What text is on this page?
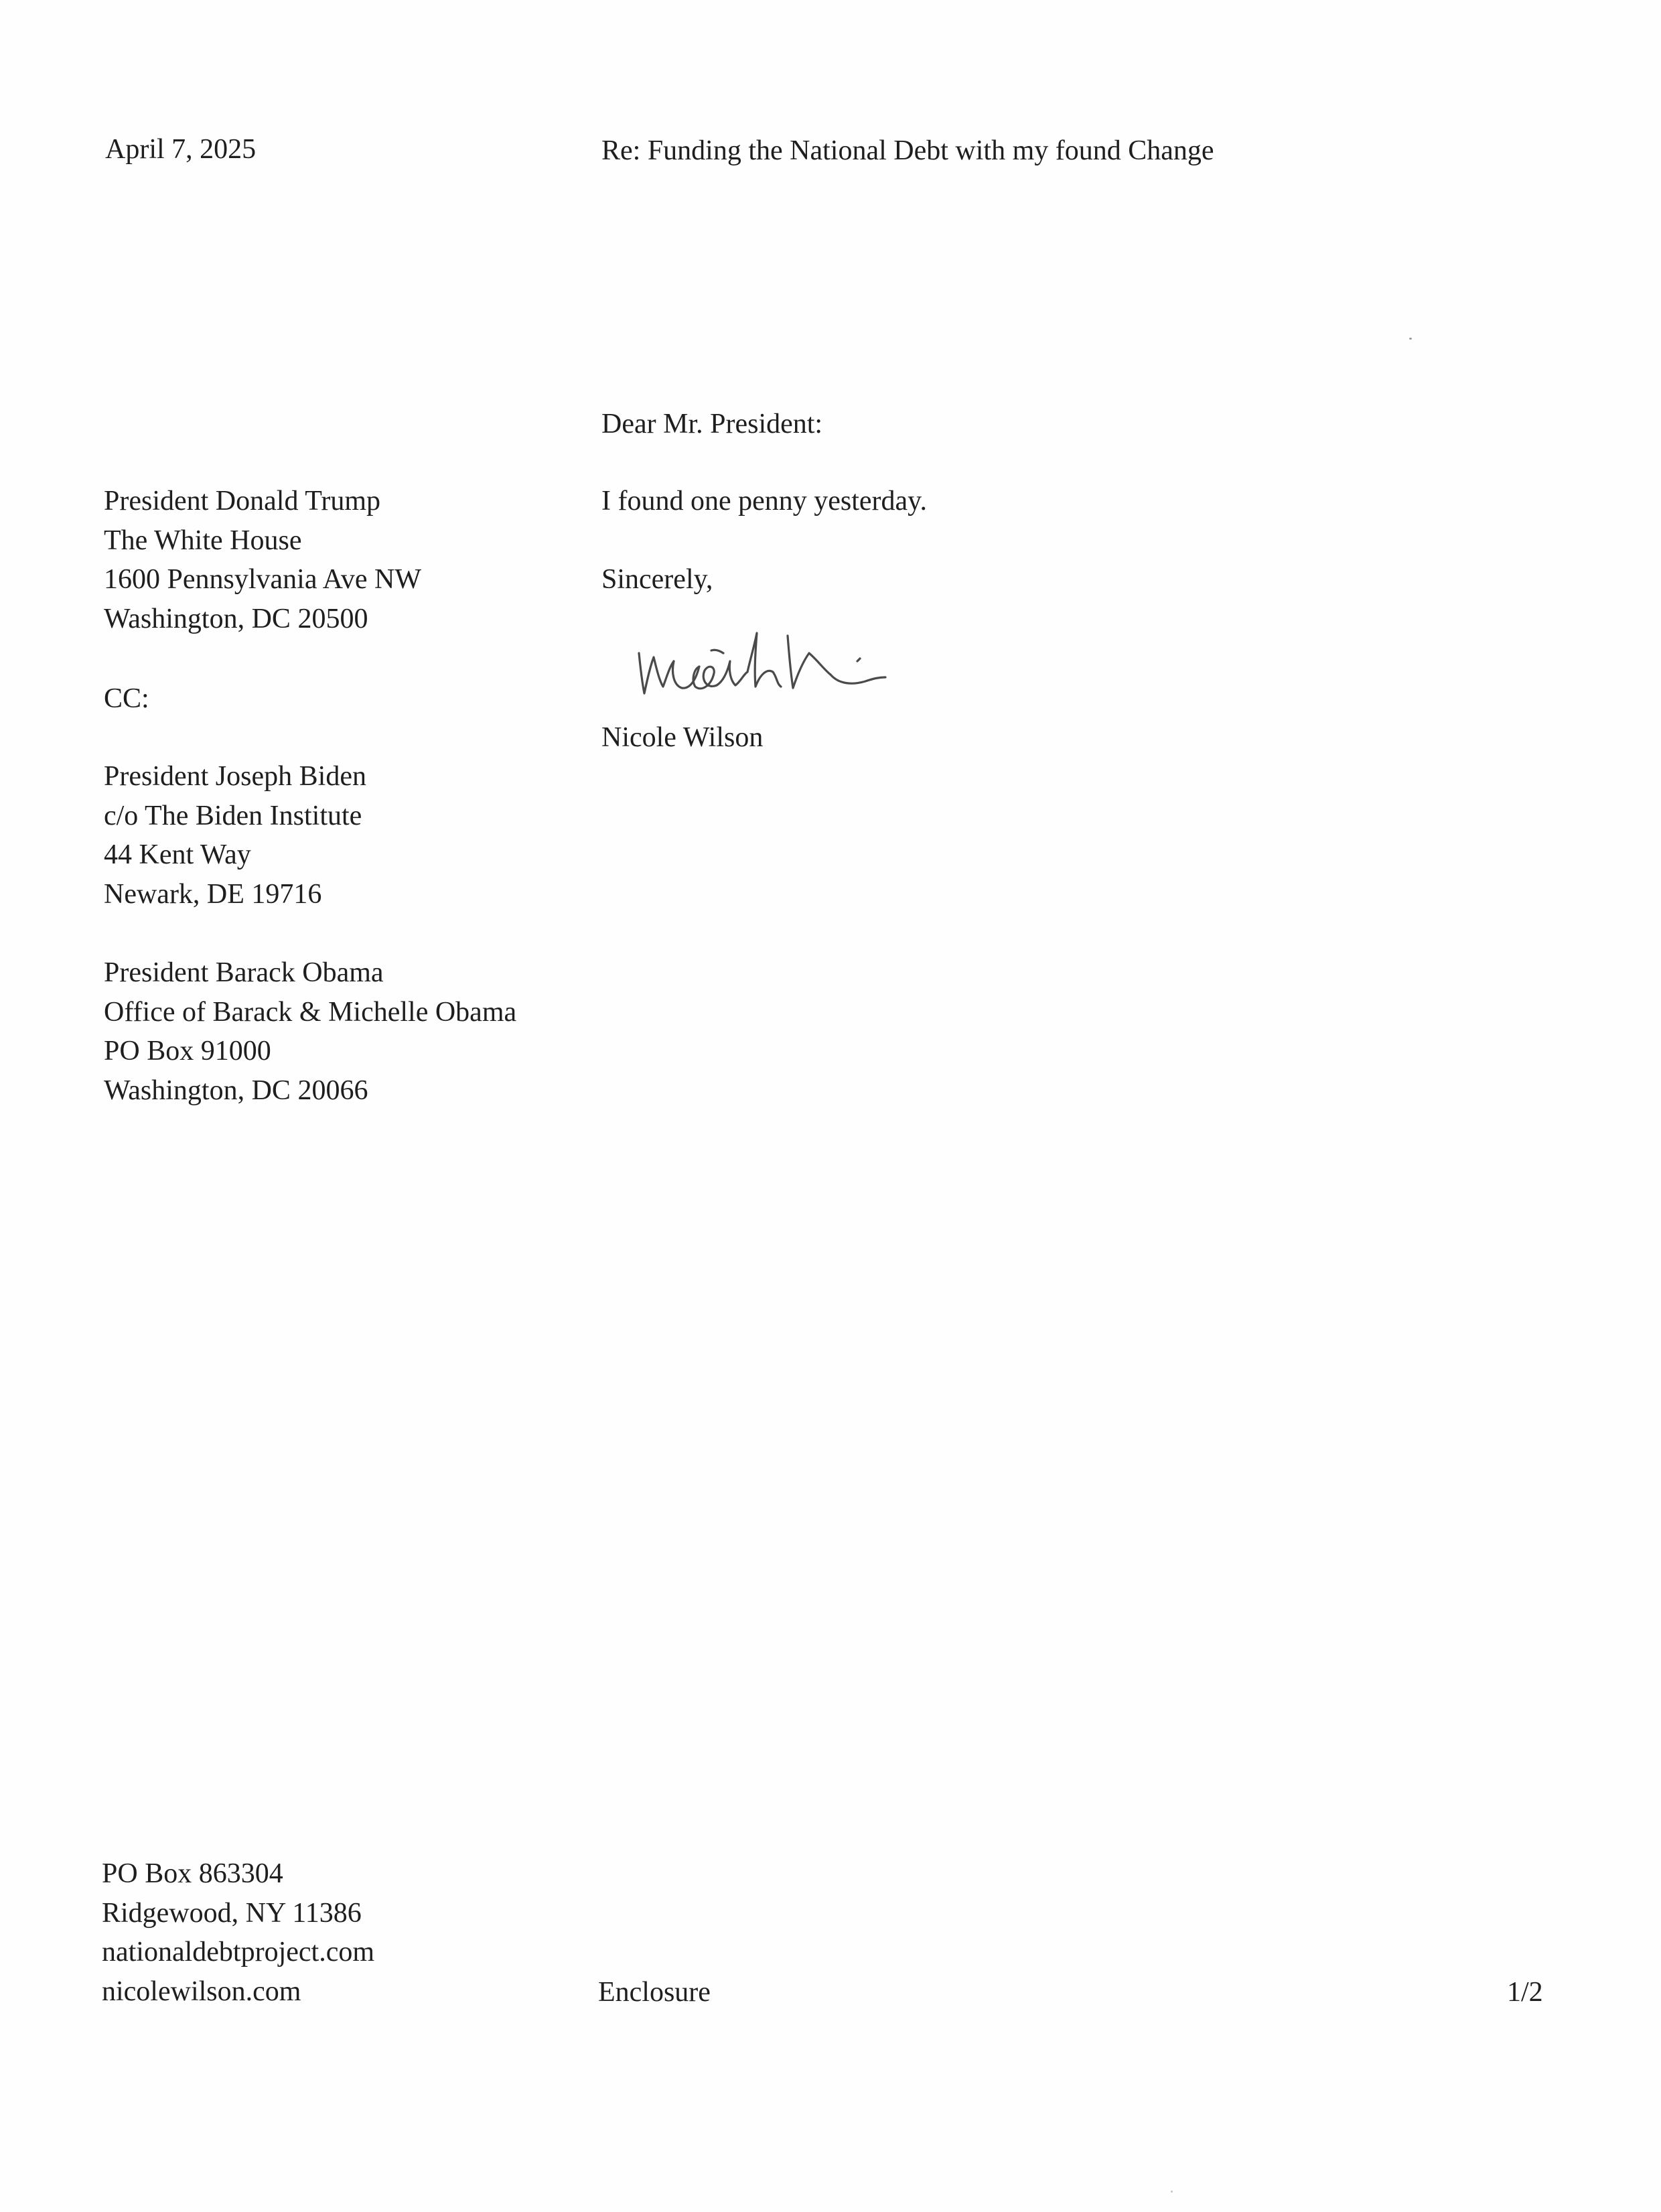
April 7, 2025	Re: Funding the National Debt with my found Change
Dear Mr. President:
President Donald Trump
The White House
1600 Pennsylvania Ave NW
Washington, DC 20500
I found one penny yesterday.
Sincerely,
Nicole Wilson
CC:
President Joseph Biden
c/o The Biden Institute
44 Kent Way
Newark, DE 19716
President Barack Obama
Office of Barack & Michelle Obama
PO Box 91000
Washington, DC 20066
PO Box 863304
Ridgewood, NY 11386
nationaldebtproject.com
nicolewilson.com	Enclosure	1/2
